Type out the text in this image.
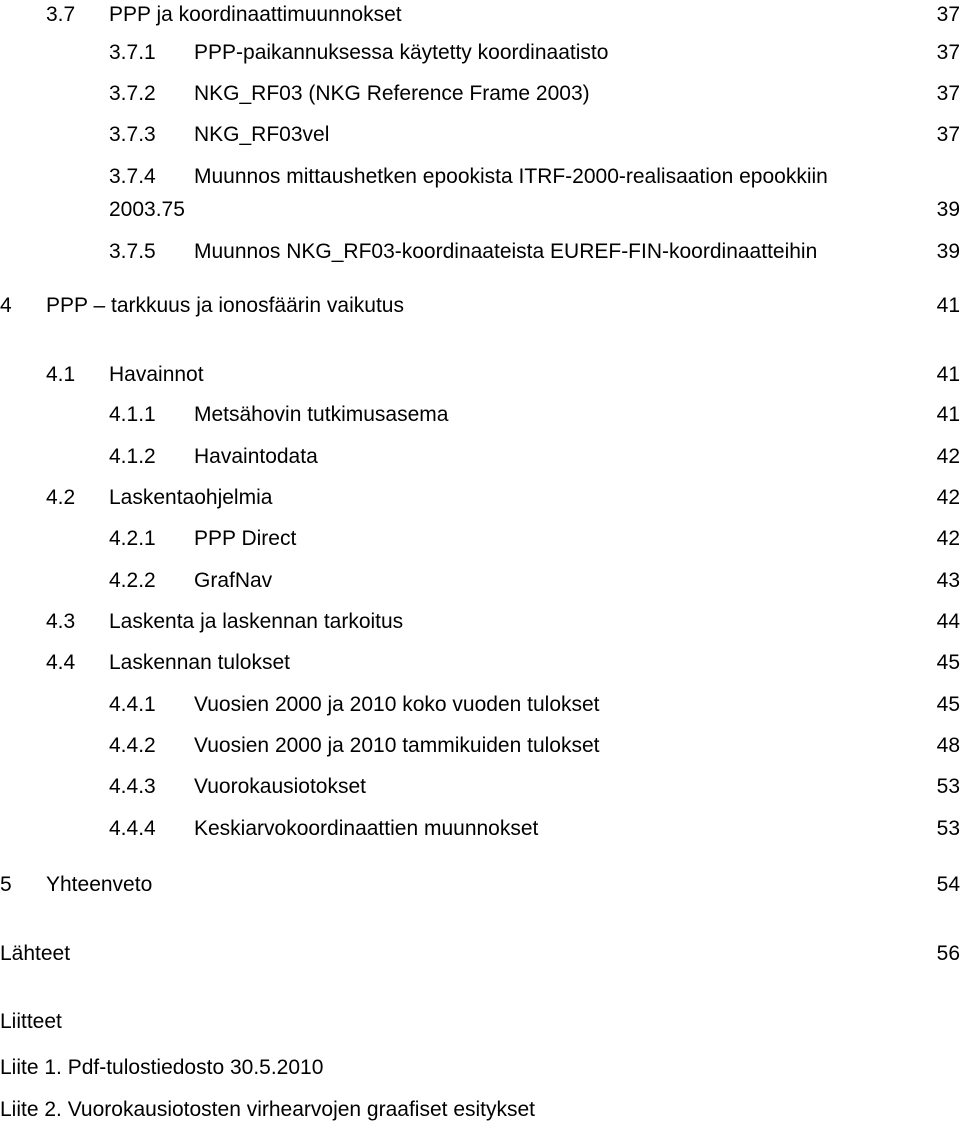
3.7 PPP ja koordinaattimuunnokset	37
3.7.1 PPP-paikannuksessa käytetty koordinaatisto	37
3.7.2 NKG_RF03 (NKG Reference Frame 2003)	37
3.7.3 NKG_RF03vel	37
3.7.4 Muunnos mittaushetken epookista ITRF-2000-realisaation epookkiin
2003.75	39
3.7.5 Muunnos NKG_RF03-koordinaateista EUREF-FIN-koordinaatteihin	39
4 PPP – tarkkuus ja ionosfäärin vaikutus	41
4.1 Havainnot	41
4.1.1 Metsähovin tutkimusasema	41
4.1.2 Havaintodata	42
4.2 Laskentaohjelmia	42
4.2.1 PPP Direct	42
4.2.2 GrafNav	43
4.3 Laskenta ja laskennan tarkoitus	44
4.4 Laskennan tulokset	45
4.4.1 Vuosien 2000 ja 2010 koko vuoden tulokset	45
4.4.2 Vuosien 2000 ja 2010 tammikuiden tulokset	48
4.4.3 Vuorokausiotokset	53
4.4.4 Keskiarvokoordinaattien muunnokset	53
5 Yhteenveto	54
Lähteet	56
Liitteet
Liite 1. Pdf-tulostiedosto 30.5.2010
Liite 2. Vuorokausiotosten virhearvojen graafiset esitykset
